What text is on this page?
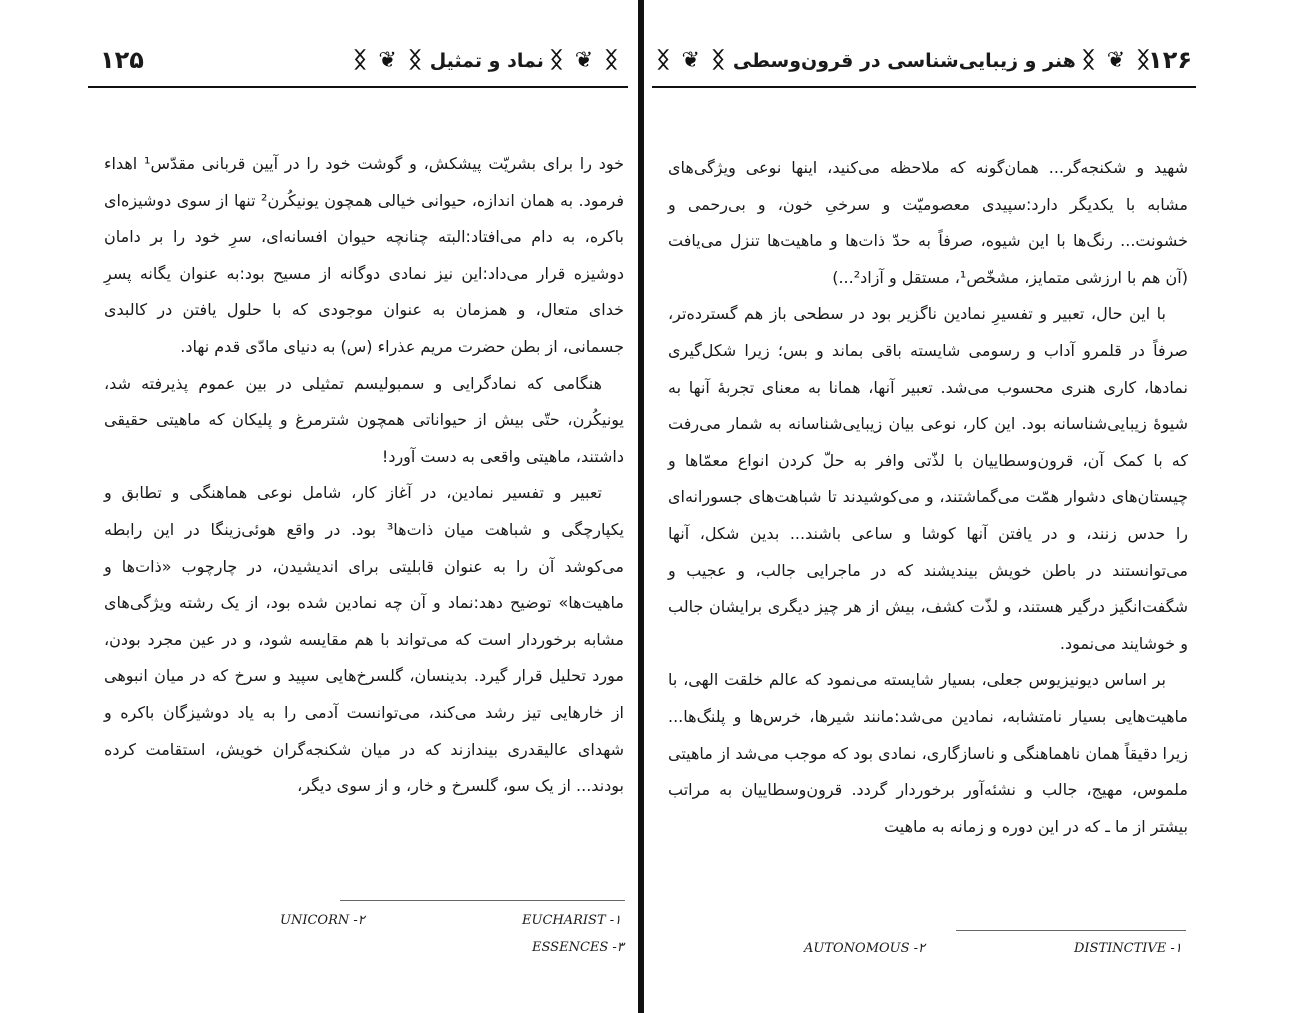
۱۲۵	ᛝ ❦ ᛝ
نماد و تمثیل
ᛝ ❦ ᛝ

خود را برای بشریّت پیشکش، و گوشت خود را در آیین قربانی مقدّس¹ اهداء فرمود. به همان اندازه، حیوانی خیالی همچون یونیکُرن² تنها از سوی دوشیزه‌ای باکره، به دام می‌افتاد:البته چنانچه حیوان افسانه‌ای، سرِ خود را بر دامان دوشیزه قرار می‌داد:این نیز نمادی دوگانه از مسیح بود:به عنوان یگانه پسرِ خدای متعال، و همزمان به عنوان موجودی که با حلول یافتن در کالبدی جسمانی، از بطن حضرت مریم عذراء (س) به دنیای مادّی قدم نهاد.

هنگامی که نمادگرایی و سمبولیسم تمثیلی در بین عموم پذیرفته شد، یونیکُرن، حتّی بیش از حیواناتی همچون شترمرغ و پلیکان که ماهیتی حقیقی داشتند، ماهیتی واقعی به دست آورد!

تعبیر و تفسیر نمادین، در آغاز کار، شامل نوعی هماهنگی و تطابق و یکپارچگی و شباهت میان ذات‌ها³ بود. در واقع هوئی‌زینگا در این رابطه می‌کوشد آن را به عنوان قابلیتی برای اندیشیدن، در چارچوب «ذات‌ها و ماهیت‌ها» توضیح دهد:نماد و آن چه نمادین شده بود، از یک رشته ویژگی‌های مشابه برخوردار است که می‌تواند با هم مقایسه شود، و در عین مجرد بودن، مورد تحلیل قرار گیرد. بدینسان، گلسرخ‌هایی سپید و سرخ که در میان انبوهی از خارهایی تیز رشد می‌کند، می‌توانست آدمی را به یاد دوشیزگان باکره و شهدای عالیقدری بیندازند که در میان شکنجه‌گران خویش، استقامت کرده بودند... از یک سو، گلسرخ و خار، و از سوی دیگر،

EUCHARIST -۱
UNICORN -۲
ESSENCES -۳
ᛝ ❦ ᛝ
هنر و زیبایی‌شناسی در قرون‌وسطی
ᛝ ❦ ᛝ	۱۲۶

شهید و شکنجه‌گر... همان‌گونه که ملاحظه می‌کنید، اینها نوعی ویژگی‌های مشابه با یکدیگر دارد:سپیدی معصومیّت و سرخیِ خون، و بی‌رحمی و خشونت... رنگ‌ها با این شیوه، صرفاً به حدّ ذات‌ها و ماهیت‌ها تنزل می‌یافت (آن هم با ارزشی متمایز، مشخّص¹، مستقل و آزاد²...)

با این حال، تعبیر و تفسیرِ نمادین ناگزیر بود در سطحی باز هم گسترده‌تر، صرفاً در قلمرو آداب و رسومی شایسته باقی بماند و بس؛ زیرا شکل‌گیری نمادها، کاری هنری محسوب می‌شد. تعبیر آنها، همانا به معنای تجربهٔ آنها به شیوهٔ زیبایی‌شناسانه بود. این کار، نوعی بیان زیبایی‌شناسانه به شمار می‌رفت که با کمک آن، قرون‌وسطاییان با لذّتی وافر به حلّ کردن انواع معمّاها و چیستان‌های دشوار همّت می‌گماشتند، و می‌کوشیدند تا شباهت‌های جسورانه‌ای را حدس زنند، و در یافتن آنها کوشا و ساعی باشند... بدین شکل، آنها می‌توانستند در باطن خویش بیندیشند که در ماجرایی جالب، و عجیب و شگفت‌انگیز درگیر هستند، و لذّت کشف، بیش از هر چیز دیگری برایشان جالب و خوشایند می‌نمود.

بر اساس دیونیزیوس جعلی، بسیار شایسته می‌نمود که عالم خلقت الهی، با ماهیت‌هایی بسیار نامتشابه، نمادین می‌شد:مانند شیرها، خرس‌ها و پلنگ‌ها... زیرا دقیقاً همان ناهماهنگی و ناسازگاری، نمادی بود که موجب می‌شد از ماهیتی ملموس، مهیج، جالب و نشئه‌آور برخوردار گردد. قرون‌وسطاییان به مراتب بیشتر از ما ـ که در این دوره و زمانه به ماهیت

DISTINCTIVE -۱
AUTONOMOUS -۲
